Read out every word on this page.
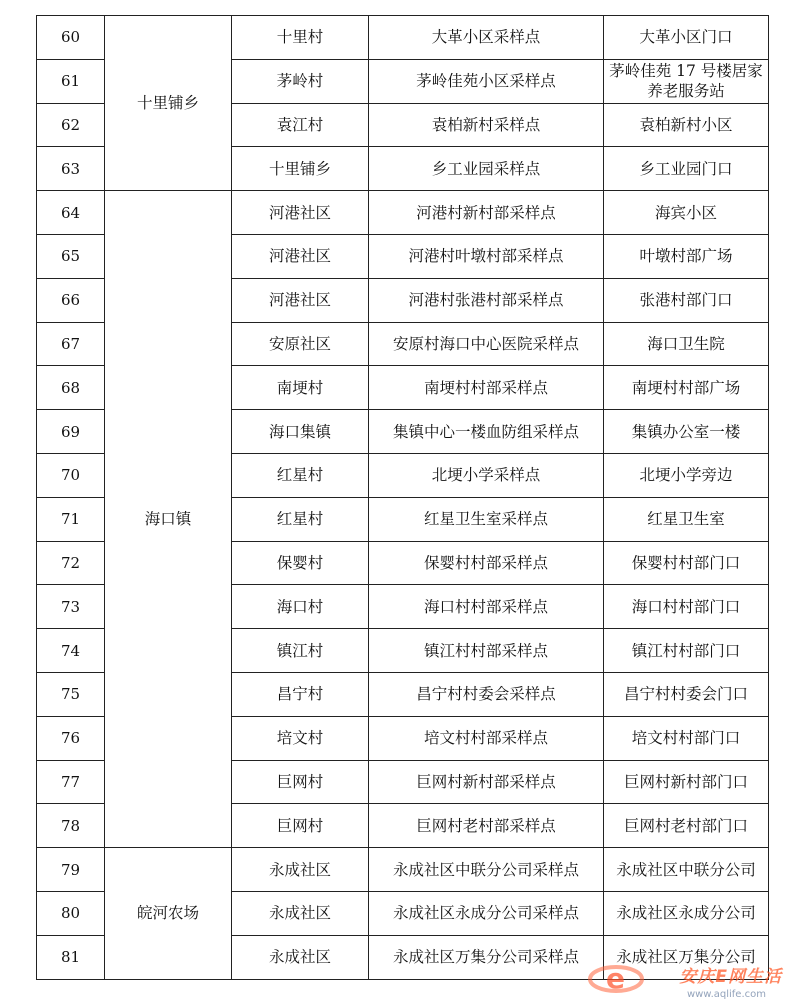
60	十里铺乡	十里村	大革小区采样点	大革小区门口
61		茅岭村	茅岭佳苑小区采样点	茅岭佳苑 17 号楼居家养老服务站
62		袁江村	袁柏新村采样点	袁柏新村小区
63		十里铺乡	乡工业园采样点	乡工业园门口
64	海口镇	河港社区	河港村新村部采样点	海宾小区
65		河港社区	河港村叶墩村部采样点	叶墩村部广场
66		河港社区	河港村张港村部采样点	张港村部门口
67		安原社区	安原村海口中心医院采样点	海口卫生院
68		南埂村	南埂村村部采样点	南埂村村部广场
69		海口集镇	集镇中心一楼血防组采样点	集镇办公室一楼
70		红星村	北埂小学采样点	北埂小学旁边
71		红星村	红星卫生室采样点	红星卫生室
72		保婴村	保婴村村部采样点	保婴村村部门口
73		海口村	海口村村部采样点	海口村村部门口
74		镇江村	镇江村村部采样点	镇江村村部门口
75		昌宁村	昌宁村村委会采样点	昌宁村村委会门口
76		培文村	培文村村部采样点	培文村村部门口
77		巨网村	巨网村新村部采样点	巨网村新村部门口
78		巨网村	巨网村老村部采样点	巨网村老村部门口
79	皖河农场	永成社区	永成社区中联分公司采样点	永成社区中联分公司
80		永成社区	永成社区永成分公司采样点	永成社区永成分公司
81		永成社区	永成社区万集分公司采样点	永成社区万集分公司
e	安庆E网生活
www.aqlife.com
